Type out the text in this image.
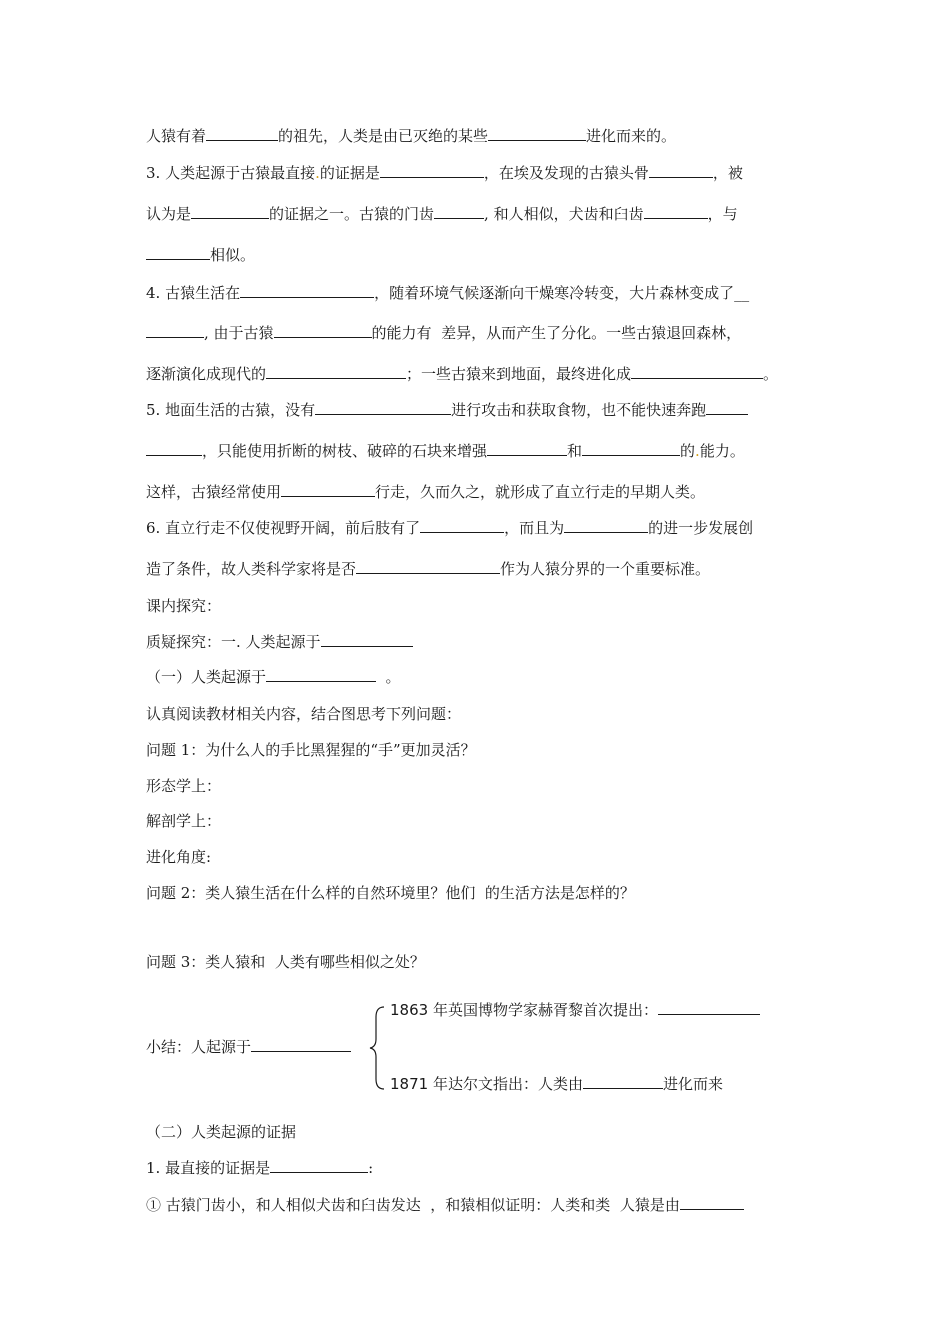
人猿有着	的祖先，人类是由已灭绝的某些	进化而来的。
3. 人类起源于古猿最直接.的证据是	，在埃及发现的古猿头骨	，被
认为是	的证据之一。古猿的门齿	, 和人相似，犬齿和臼齿	，与
相似。
4. 古猿生活在	，随着环境气候逐渐向干燥寒冷转变，大片森林变成了__
, 由于古猿	的能力有  差异，从而产生了分化。一些古猿退回森林，
逐渐演化成现代的	；一些古猿来到地面，最终进化成	。
5. 地面生活的古猿，没有	进行攻击和获取食物，也不能快速奔跑
，只能使用折断的树枝、破碎的石块来增强	和	的.能力。
这样，古猿经常使用	行走，久而久之，就形成了直立行走的早期人类。
6. 直立行走不仅使视野开阔，前后肢有了	，而且为	的进一步发展创
造了条件，故人类科学家将是否	作为人猿分界的一个重要标准。
课内探究：
质疑探究：一. 人类起源于
（一）人类起源于	。
认真阅读教材相关内容，结合图思考下列问题：
问题 1：为什么人的手比黑猩猩的“手”更加灵活？
形态学上：
解剖学上：
进化角度:
问题 2：类人猿生活在什么样的自然环境里？他们  的生活方法是怎样的？
问题 3：类人猿和  人类有哪些相似之处？
小结：人起源于
1863 年英国博物学家赫胥黎首次提出：
1871 年达尔文指出：人类由	进化而来
（二）人类起源的证据
1. 最直接的证据是	:
① 古猿门齿小，和人相似犬齿和臼齿发达  ，和猿相似证明：人类和类  人猿是由
